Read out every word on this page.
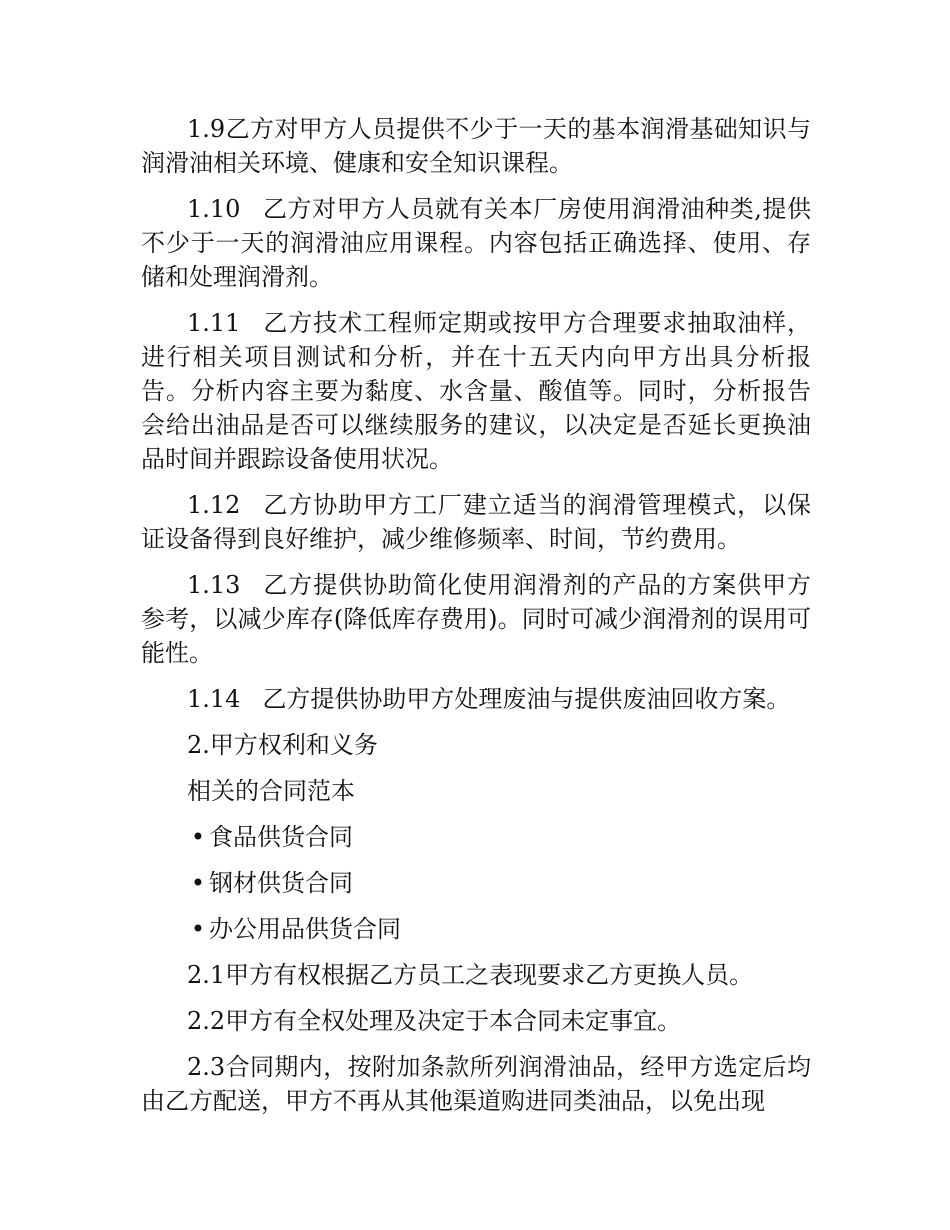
1.9乙方对甲方人员提供不少于一天的基本润滑基础知识与润滑油相关环境、健康和安全知识课程。

1.10 乙方对甲方人员就有关本厂房使用润滑油种类,提供不少于一天的润滑油应用课程。内容包括正确选择、使用、存储和处理润滑剂。

1.11 乙方技术工程师定期或按甲方合理要求抽取油样，进行相关项目测试和分析，并在十五天内向甲方出具分析报告。分析内容主要为黏度、水含量、酸值等。同时，分析报告会给出油品是否可以继续服务的建议，以决定是否延长更换油品时间并跟踪设备使用状况。

1.12 乙方协助甲方工厂建立适当的润滑管理模式，以保证设备得到良好维护，减少维修频率、时间，节约费用。

1.13 乙方提供协助简化使用润滑剂的产品的方案供甲方参考，以减少库存(降低库存费用)。同时可减少润滑剂的误用可能性。

1.14 乙方提供协助甲方处理废油与提供废油回收方案。

2.甲方权利和义务

相关的合同范本

• 食品供货合同

• 钢材供货合同

• 办公用品供货合同

2.1甲方有权根据乙方员工之表现要求乙方更换人员。

2.2甲方有全权处理及决定于本合同未定事宜。

2.3合同期内，按附加条款所列润滑油品，经甲方选定后均由乙方配送，甲方不再从其他渠道购进同类油品，以免出现
